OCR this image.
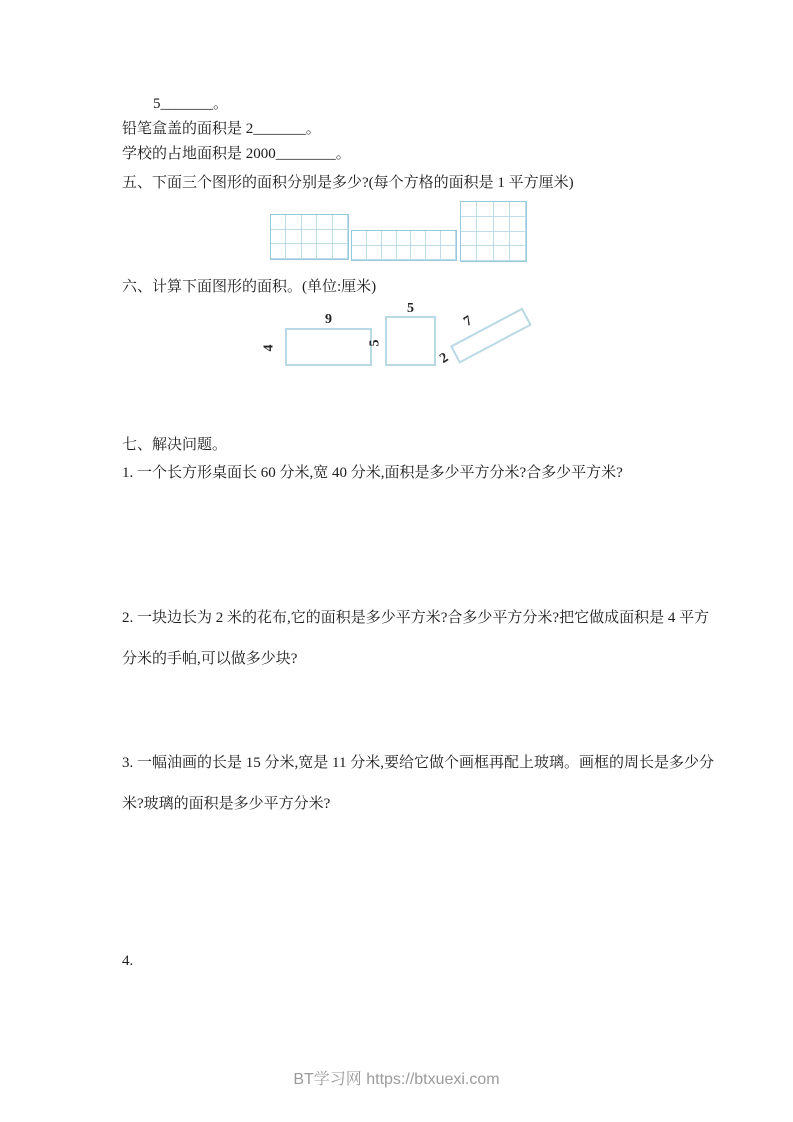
5_______。
铅笔盒盖的面积是 2_______。
学校的占地面积是 2000________。
五、下面三个图形的面积分别是多少?(每个方格的面积是 1 平方厘米)
六、计算下面图形的面积。(单位:厘米)
9
4
5
5
7
2
七、解决问题。
1. 一个长方形桌面长 60 分米,宽 40 分米,面积是多少平方分米?合多少平方米?
2. 一块边长为 2 米的花布,它的面积是多少平方米?合多少平方分米?把它做成面积是 4 平方
分米的手帕,可以做多少块?
3. 一幅油画的长是 15 分米,宽是 11 分米,要给它做个画框再配上玻璃。画框的周长是多少分
米?玻璃的面积是多少平方分米?
4.
BT学习网 https://btxuexi.com
